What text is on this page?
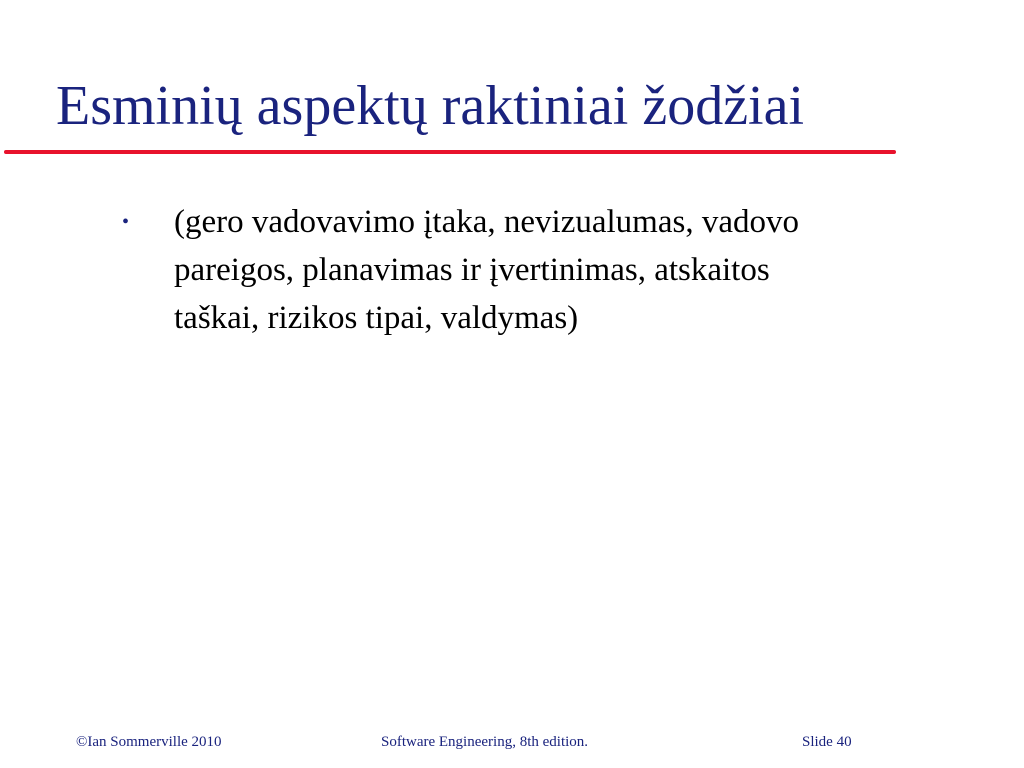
Esminių aspektų raktiniai žodžiai
•	(gero vadovavimo įtaka, nevizualumas, vadovo
pareigos, planavimas ir įvertinimas, atskaitos
taškai, rizikos tipai, valdymas)
©Ian Sommerville 2010	Software Engineering, 8th edition.	Slide 40
